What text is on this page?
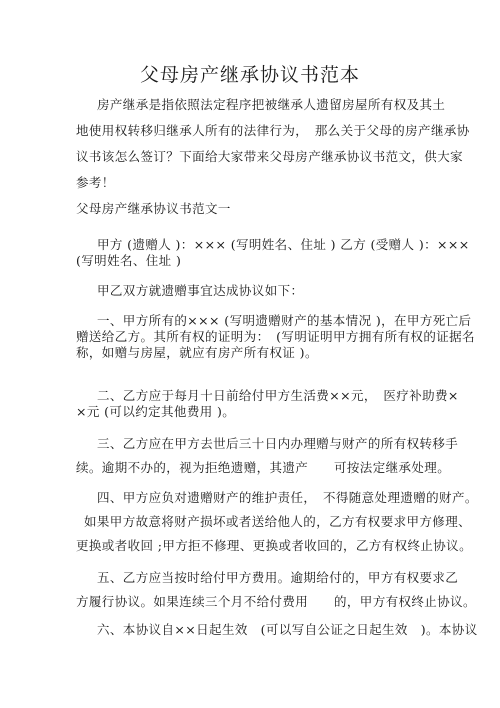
父母房产继承协议书范本
房产继承是指依照法定程序把被继承人遗留房屋所有权及其土
地使用权转移归继承人所有的法律行为，　那么关于父母的房产继承协
议书该怎么签订？下面给大家带来父母房产继承协议书范文，供大家
参考！
父母房产继承协议书范文一
甲方 (遗赠人 )：××× (写明姓名、住址 ) 乙方 (受赠人 )：×××
(写明姓名、住址 )
甲乙双方就遗赠事宜达成协议如下：
一、甲方所有的××× (写明遗赠财产的基本情况 )，在甲方死亡后
赠送给乙方。其所有权的证明为：　(写明证明甲方拥有所有权的证据名
称，如赠与房屋，就应有房产所有权证 )。
二、乙方应于每月十日前给付甲方生活费××元，　医疗补助费×
×元 (可以约定其他费用 )。
三、乙方应在甲方去世后三十日内办理赠与财产的所有权转移手
续。逾期不办的，视为拒绝遗赠，其遗产　　可按法定继承处理。
四、甲方应负对遗赠财产的维护责任，　不得随意处理遗赠的财产。
如果甲方故意将财产损坏或者送给他人的，乙方有权要求甲方修理、
更换或者收回 ;甲方拒不修理、更换或者收回的，乙方有权终止协议。
五、乙方应当按时给付甲方费用。逾期给付的，甲方有权要求乙
方履行协议。如果连续三个月不给付费用　　的，甲方有权终止协议。
六、本协议自××日起生效　(可以写自公证之日起生效　)。本协议
